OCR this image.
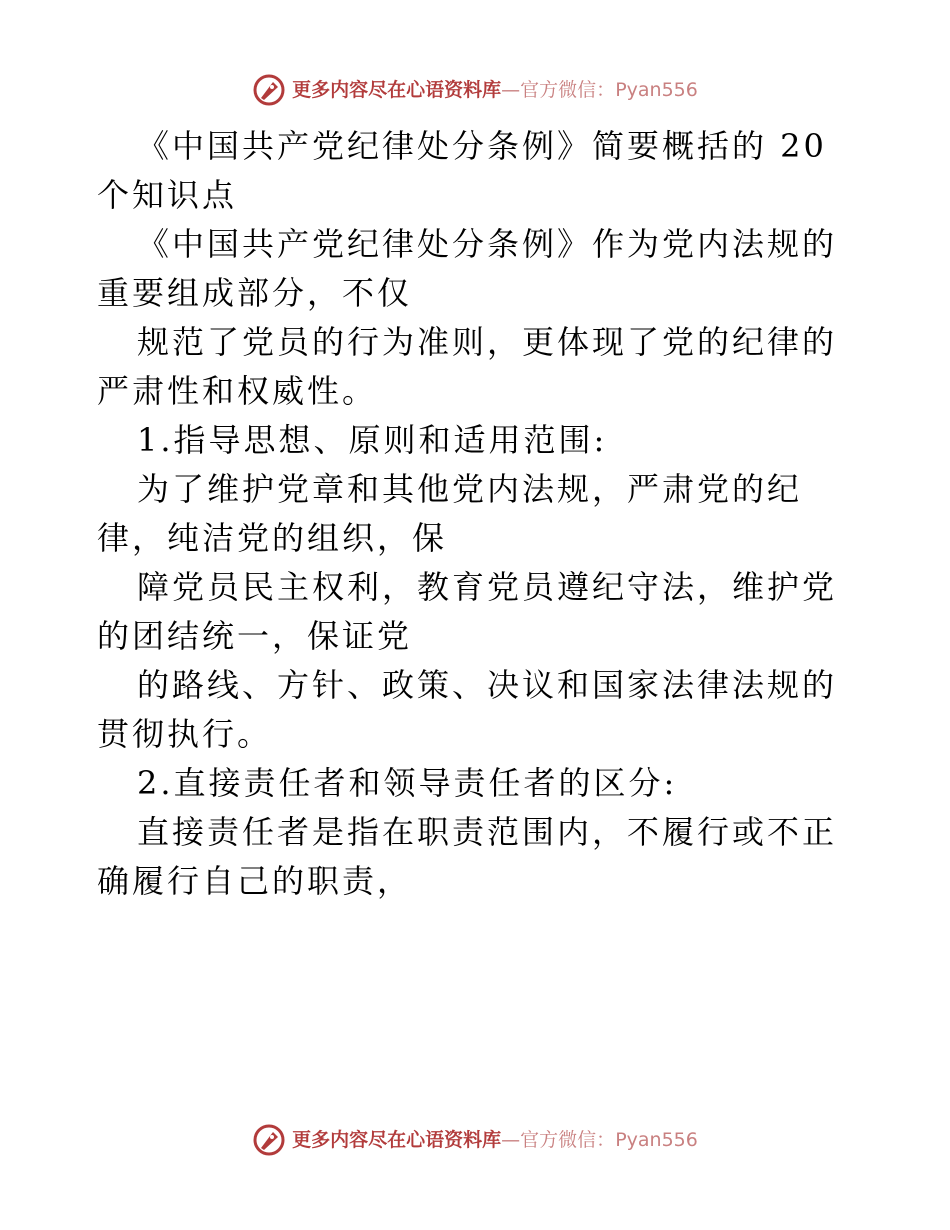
更多内容尽在心语资料库—官方微信：Pyan556

《中国共产党纪律处分条例》简要概括的 20 个知识点

《中国共产党纪律处分条例》作为党内法规的重要组成部分，不仅

规范了党员的行为准则，更体现了党的纪律的严肃性和权威性。

1.指导思想、原则和适用范围:

为了维护党章和其他党内法规，严肃党的纪律，纯洁党的组织，保

障党员民主权利，教育党员遵纪守法，维护党的团结统一，保证党

的路线、方针、政策、决议和国家法律法规的贯彻执行。

2.直接责任者和领导责任者的区分:

直接责任者是指在职责范围内，不履行或不正确履行自己的职责，

更多内容尽在心语资料库—官方微信：Pyan556
